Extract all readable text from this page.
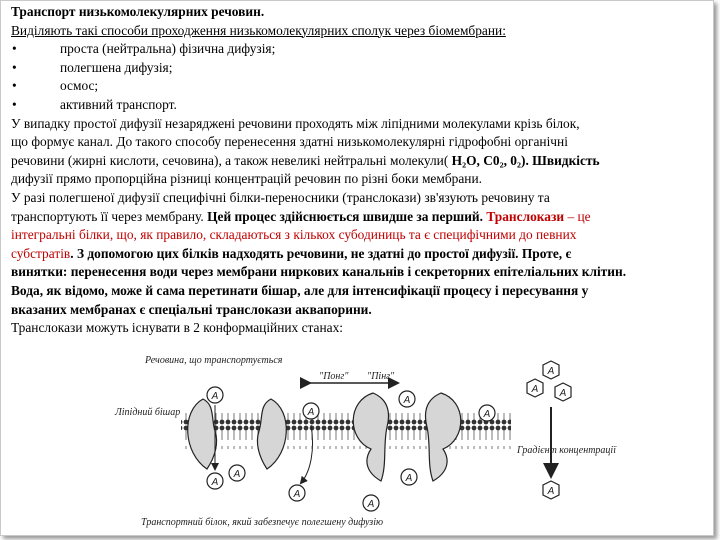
Транспорт низькомолекулярних речовин.
Виділяють такі способи проходження низькомолекулярних сполук через біомембрани:
•	проста (нейтральна) фізична дифузія;
•	полегшена дифузія;
•	осмос;
•	активний транспорт.
У випадку простої дифузії незаряджені речовини проходять між ліпідними молекулами крізь білок,
що формує канал. До такого способу перенесення здатні низькомолекулярні гідрофобні органічні
речовини (жирні кислоти, сечовина), а також невеликі нейтральні молекули( H₂O, C0₂, 0₂). Швидкість
дифузії прямо пропорційна різниці концентрацій речовин по різні боки мембрани.
У разі полегшеної дифузії специфічні білки-переносники (транслокази) зв'язують речовину та
транспортують її через мембрану. Цей процес здійснюється швидше за перший. Транслокази – це
інтегральні білки, що, як правило, складаються з кількох субодиниць та є специфічними до певних
субстратів. З допомогою цих білків надходять речовини, не здатні до простої дифузії. Проте, є
винятки: перенесення води через мембрани ниркових канальнів і секреторних епітеліальних клітин.
Вода, як відомо, може й сама перетинати бішар, але для інтенсифікації процесу і пересування у
вказаних мембранах є спеціальні транслокази аквапорини.
Транслокази можуть існувати в 2 конформаційних станах:
A
A
A
A
A
A
A
A
A
A
A A
A
Речовина, що транспортується
Ліпідний бішар
"Понг" "Пінг"
Градієнт концентрації
Транспортний білок, який забезпечує полегшену дифузію
